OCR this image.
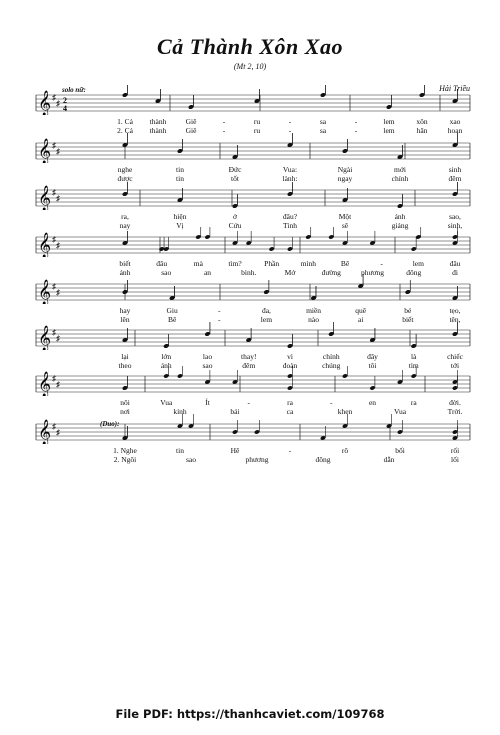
Cả Thành Xôn Xao
(Mt 2, 10)
Hải Triều
𝄞 ♯
♯ 2
4
1. Cả thành	Giê	-	ru	-	sa	-	lem	xôn	xao
2. Cả thành	Giê	-	ru	-	sa	-	lem	hân	hoan
𝄞 ♯
♯
nghe	tin	Đức	Vua:	Ngài	mới	sinh
được	tin	tốt	lành:	ngay	chính	đêm
𝄞 ♯
♯
ra,	hiện	ở	đâu?	Một	ánh	sao,
nay	Vị	Cứu	Tinh	sẽ	giáng	sinh,
𝄞 ♯
♯
biết	đâu	mà	tìm?	Phần	mình	Bê	-	lem	đâu
ánh	sao	an	bình.	Mở	đường	phương	đông	đi
𝄞 ♯
♯
hay	Giu	-	đa,	miền	quê	bé	tẹo,
lên	Bê	-	lem	nào	ai	biết	tên,
𝄞 ♯
♯
lại	lớn	lao	thay!	vì	chính	đây	là	chiếc
theo	ánh	sao	đêm	đoàn	chúng	tôi	tìm	tới
𝄞 ♯
♯
nôi	Vua	Ít	-	ra	-	en	ra	đời.
nơi	kính	bái	ca	khen	Vua	Trời.
𝄞 ♯
♯
1. Nghe	tin	Hê	-	rô	bối	rối
2. Ngôi	sao	phương	đông	dẫn	lối
solo nữ:
(Duo):
File PDF: https://thanhcaviet.com/109768
